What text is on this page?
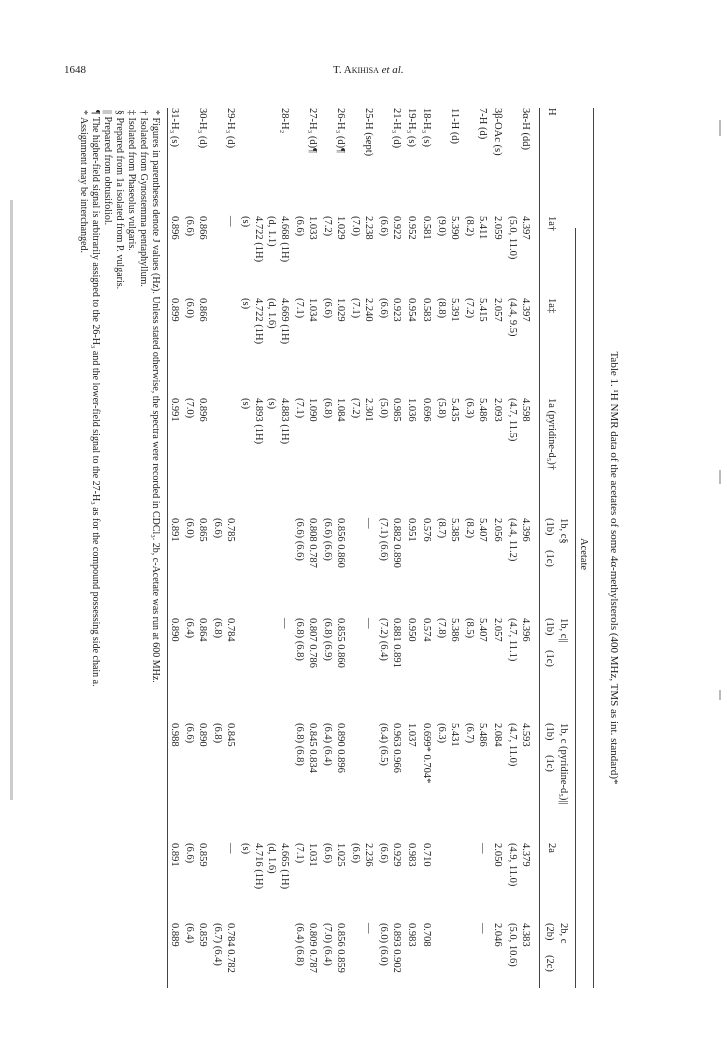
1648	T. Akihisa et al.
Table 1. ¹H NMR data of the acetates of some 4α-methylsterols (400 MHz, TMS as int. standard)*
Acetate
H
1a†
1a‡
1a (pyridine-d₅)†
1b, c§
(1b)
(1c)
1b, c||
(1b)
(1c)
1b, c (pyridine-d₅)||
(1b)
(1c)
2a
2b, c
(2b)
(2c)
3α-H (dd)
4.397
(5.0, 11.0)
4.397
(4.4, 9.5)
4.598
(4.7, 11.5)
4.396
(4.4, 11.2)
4.396
(4.7, 11.1)
4.593
(4.7, 11.0)
4.379
(4.9, 11.0)
4.383
(5.0, 10.6)
3β-OAc (s)
2.059
2.057
2.093
2.056
2.057
2.084
2.050
2.046
7-H (d)
5.411
(8.2)
5.415
(7.2)
5.486
(6.3)
5.407
(8.2)
5.407
(8.5)
5.486
(6.7)
—
—
11-H (d)
5.390
(9.0)
5.391
(8.8)
5.435
(5.8)
5.385
(8.7)
5.386
(7.8)
5.431
(6.3)
18-H₃ (s)
0.581
0.583
0.696
0.576
0.574
0.699* 0.704*
0.710
0.708
19-H₃ (s)
0.952
0.954
1.036
0.951
0.950
1.037
0.983
0.983
21-H₃ (d)
0.922
(6.6)
0.923
(6.6)
0.985
(5.0)
0.882 0.890
(7.1) (6.6)
0.881 0.891
(7.2) (6.4)
0.963 0.966
(6.4) (6.5)
0.929
(6.6)
0.893 0.902
(6.0) (6.0)
25-H (sept)
2.238
(7.0)
2.240
(7.1)
2.301
(7.2)
—
—
2.236
(6.6)
—
26-H₃ (d)¶
1.029
(7.2)
1.029
(6.6)
1.084
(6.8)
0.856 0.860
(6.6) (6.6)
0.855 0.860
(6.8) (6.9)
0.890 0.896
(6.4) (6.4)
1.025
(6.6)
0.856 0.859
(7.0) (6.4)
27-H₃ (d)¶
1.033
(6.6)
1.034
(7.1)
1.090
(7.1)
0.808 0.787
(6.6) (6.6)
0.807 0.786
(6.8) (6.8)
0.845 0.834
(6.8) (6.8)
1.031
(7.1)
0.809 0.787
(6.4) (6.8)
28-H₂
4.668 (1H)
(d, 1.1)
4.722 (1H)
(s)
4.669 (1H)
(d, 1.6)
4.722 (1H)
(s)
4.883 (1H)
(s)
4.893 (1H)
(s)
—
4.665 (1H)
(d, 1.6)
4.716 (1H)
(s)
29-H₃ (d)
—
0.785
(6.6)
0.784
(6.8)
0.845
(6.8)
—
0.784 0.782
(6.7) (6.4)
30-H₃ (d)
0.866
(6.6)
0.866
(6.0)
0.896
(7.0)
0.865
(6.0)
0.864
(6.4)
0.890
(6.6)
0.859
(6.6)
0.859
(6.4)
31-H₃ (s)
0.896
0.899
0.991
0.891
0.890
0.988
0.891
0.889
* Figures in parentheses denote J values (Hz). Unless stated otherwise, the spectra were recorded in CDCl₃. 2b, c-Acetate was run at 600 MHz.
† Isolated from Gynostemma pentaphyllum.
‡ Isolated from Phaseolus vulgaris.
§ Prepared from 1a isolated from P. vulgaris.
|| Prepared from obtusifoliol.
¶ The higher-field signal is arbitrarily assigned to the 26-H₃ and the lower-field signal to the 27-H₃ as for the compound possessing side chain a.
* Assignment may be interchanged.
